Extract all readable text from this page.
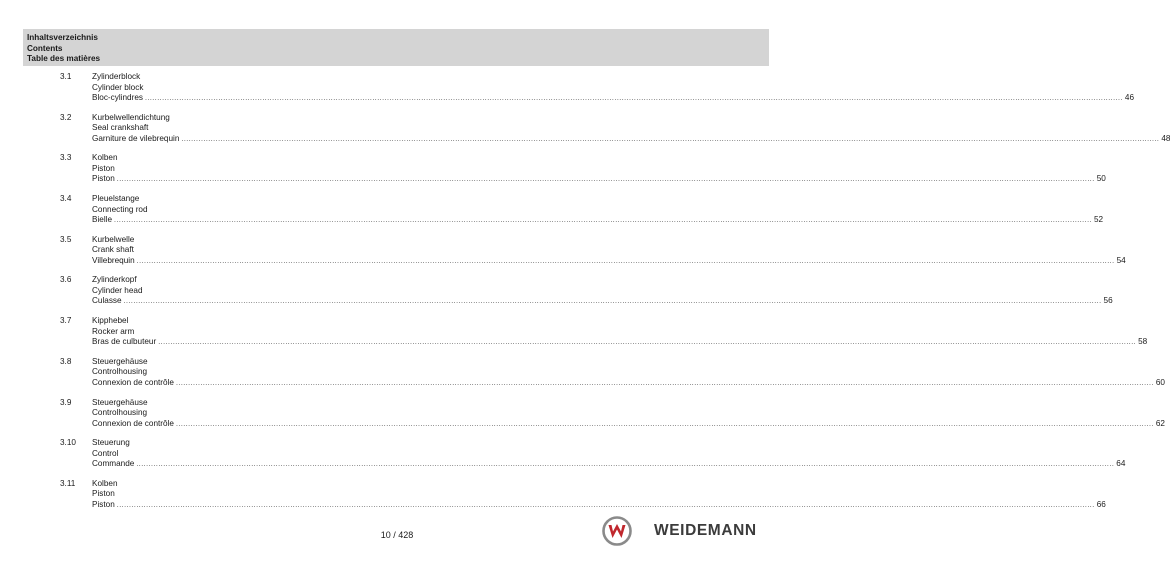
Inhaltsverzeichnis
Contents
Table des matières
3.1	Zylinderblock
Cylinder block
Bloc-cylindres ................................................................................................................................................................................................................................................................................................................................................................................................................ 46
3.2	Kurbelwellendichtung
Seal crankshaft
Garniture de vilebrequin ................................................................................................................................................................................................................................................................................................................................................................................................................ 48
3.3	Kolben
Piston
Piston ................................................................................................................................................................................................................................................................................................................................................................................................................ 50
3.4	Pleuelstange
Connecting rod
Bielle ................................................................................................................................................................................................................................................................................................................................................................................................................ 52
3.5	Kurbelwelle
Crank shaft
Villebrequin ................................................................................................................................................................................................................................................................................................................................................................................................................ 54
3.6	Zylinderkopf
Cylinder head
Culasse ................................................................................................................................................................................................................................................................................................................................................................................................................ 56
3.7	Kipphebel
Rocker arm
Bras de culbuteur ................................................................................................................................................................................................................................................................................................................................................................................................................ 58
3.8	Steuergehäuse
Controlhousing
Connexion de contrôle ................................................................................................................................................................................................................................................................................................................................................................................................................ 60
3.9	Steuergehäuse
Controlhousing
Connexion de contrôle ................................................................................................................................................................................................................................................................................................................................................................................................................ 62
3.10 Steuerung
Control
Commande ................................................................................................................................................................................................................................................................................................................................................................................................................ 64
3.11 Kolben
Piston
Piston ................................................................................................................................................................................................................................................................................................................................................................................................................ 66
10 / 428	WEIDEMANN
